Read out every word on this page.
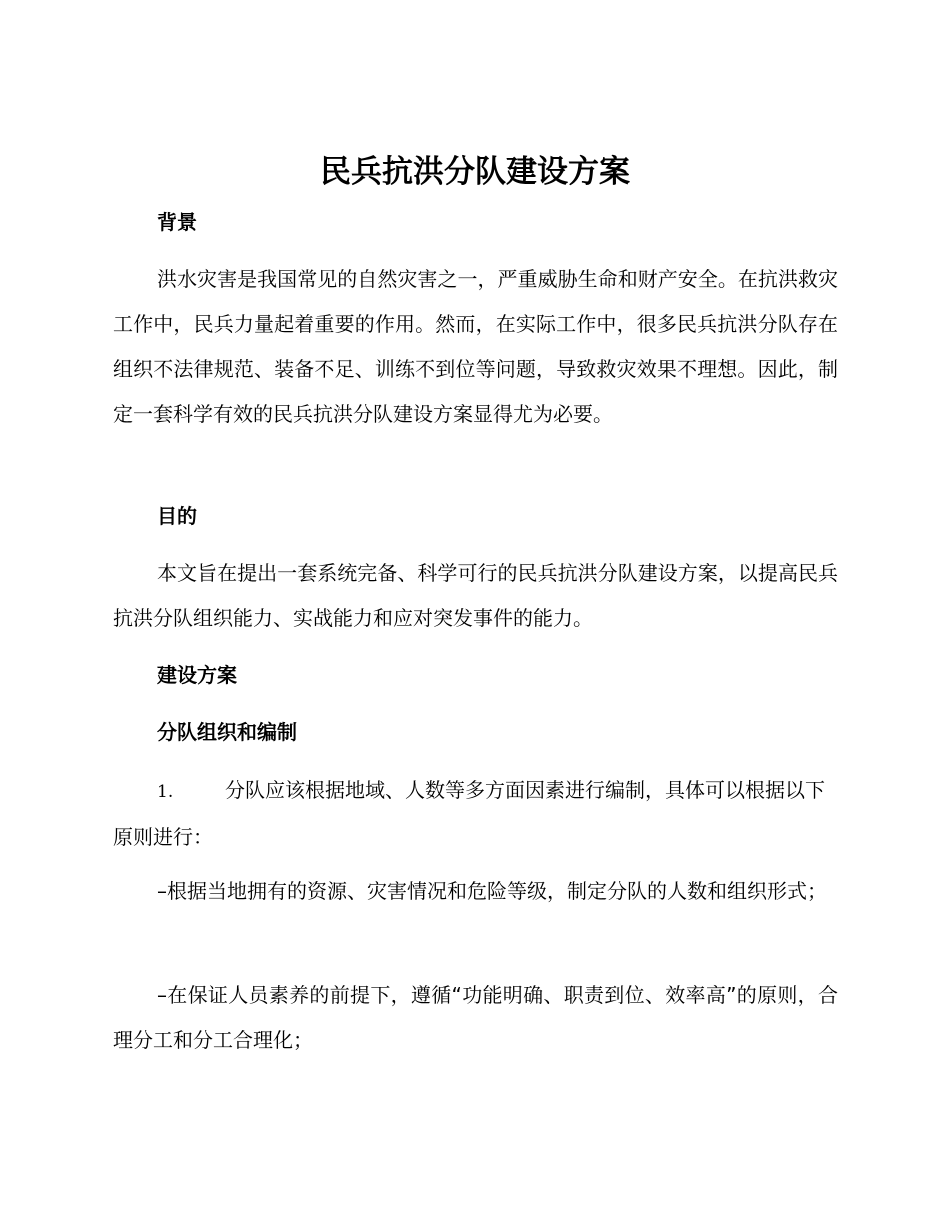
民兵抗洪分队建设方案
背景

洪水灾害是我国常见的自然灾害之一，严重威胁生命和财产安全。在抗洪救灾工作中，民兵力量起着重要的作用。然而，在实际工作中，很多民兵抗洪分队存在组织不法律规范、装备不足、训练不到位等问题，导致救灾效果不理想。因此，制定一套科学有效的民兵抗洪分队建设方案显得尤为必要。

目的

本文旨在提出一套系统完备、科学可行的民兵抗洪分队建设方案，以提高民兵抗洪分队组织能力、实战能力和应对突发事件的能力。

建设方案
分队组织和编制

1.	分队应该根据地域、人数等多方面因素进行编制，具体可以根据以下原则进行：

–根据当地拥有的资源、灾害情况和危险等级，制定分队的人数和组织形式；

–在保证人员素养的前提下，遵循“功能明确、职责到位、效率高”的原则，合理分工和分工合理化；
